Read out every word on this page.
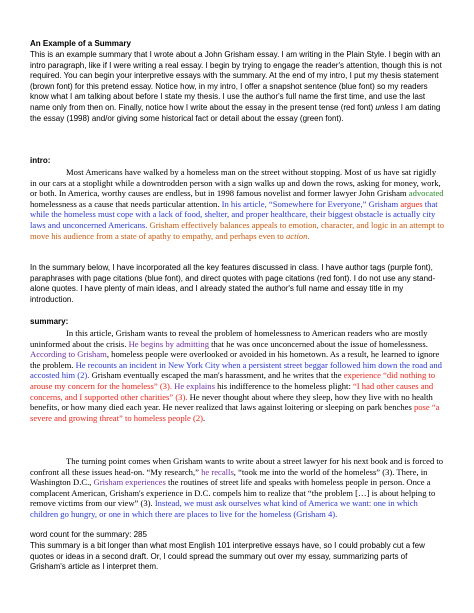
An Example of a Summary

This is an example summary that I wrote about a John Grisham essay. I am writing in the Plain Style. I begin with an intro paragraph, like if I were writing a real essay. I begin by trying to engage the reader's attention, though this is not required. You can begin your interpretive essays with the summary. At the end of my intro, I put my thesis statement (brown font) for this pretend essay. Notice how, in my intro, I offer a snapshot sentence (blue font) so my readers know what I am talking about before I state my thesis. I use the author's full name the first time, and use the last name only from then on. Finally, notice how I write about the essay in the present tense (red font) unless I am dating the essay (1998) and/or giving some historical fact or detail about the essay (green font).

intro:

Most Americans have walked by a homeless man on the street without stopping. Most of us have sat rigidly in our cars at a stoplight while a downtrodden person with a sign walks up and down the rows, asking for money, work, or both. In America, worthy causes are endless, but in 1998 famous novelist and former lawyer John Grisham advocated homelessness as a cause that needs particular attention. In his article, “Somewhere for Everyone,” Grisham argues that while the homeless must cope with a lack of food, shelter, and proper healthcare, their biggest obstacle is actually city laws and unconcerned Americans. Grisham effectively balances appeals to emotion, character, and logic in an attempt to move his audience from a state of apathy to empathy, and perhaps even to action.

In the summary below, I have incorporated all the key features discussed in class. I have author tags (purple font), paraphrases with page citations (blue font), and direct quotes with page citations (red font). I do not use any stand-alone quotes. I have plenty of main ideas, and I already stated the author's full name and essay title in my introduction.

summary:

In this article, Grisham wants to reveal the problem of homelessness to American readers who are mostly uninformed about the crisis. He begins by admitting that he was once unconcerned about the issue of homelessness. According to Grisham, homeless people were overlooked or avoided in his hometown. As a result, he learned to ignore the problem. He recounts an incident in New York City when a persistent street beggar followed him down the road and accosted him (2). Grisham eventually escaped the man's harassment, and he writes that the experience “did nothing to arouse my concern for the homeless” (3). He explains his indifference to the homeless plight: “I had other causes and concerns, and I supported other charities” (3). He never thought about where they sleep, how they live with no health benefits, or how many died each year. He never realized that laws against loitering or sleeping on park benches pose “a severe and growing threat” to homeless people (2).

The turning point comes when Grisham wants to write about a street lawyer for his next book and is forced to confront all these issues head-on. “My research,” he recalls, “took me into the world of the homeless” (3). There, in Washington D.C., Grisham experiences the routines of street life and speaks with homeless people in person. Once a complacent American, Grisham's experience in D.C. compels him to realize that “the problem […] is about helping to remove victims from our view” (3). Instead, we must ask ourselves what kind of America we want: one in which children go hungry, or one in which there are places to live for the homeless (Grisham 4).

word count for the summary: 285

This summary is a bit longer than what most English 101 interpretive essays have, so I could probably cut a few quotes or ideas in a second draft. Or, I could spread the summary out over my essay, summarizing parts of Grisham's article as I interpret them.
